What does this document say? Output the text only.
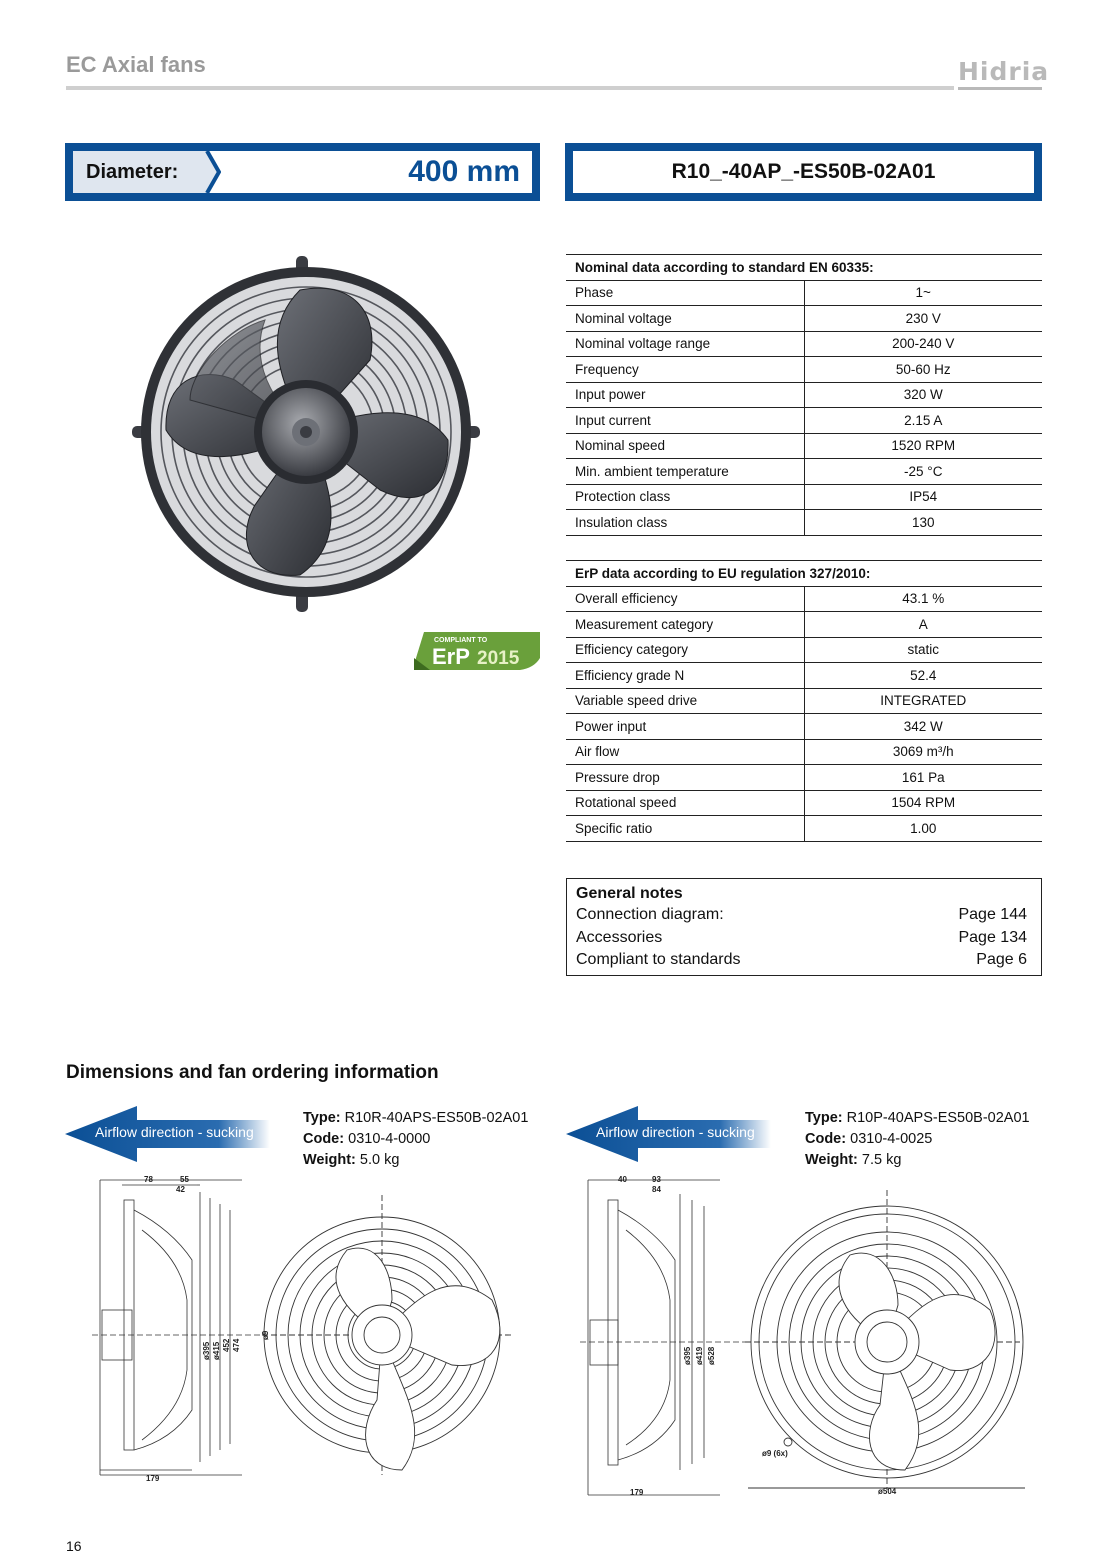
EC Axial fans	Hidria
Diameter:	400 mm	R10_-40AP_-ES50B-02A01
COMPLIANT TO
ErP 2015
Nominal data according to standard EN 60335:	
Phase	1~
Nominal voltage	230 V
Nominal voltage range	200-240 V
Frequency	50-60 Hz
Input power	320 W
Input current	2.15 A
Nominal speed	1520 RPM
Min. ambient temperature	-25 °C
Protection class	IP54
Insulation class	130
ErP data according to EU regulation 327/2010:	
Overall efficiency	43.1 %
Measurement category	A
Efficiency category	static
Efficiency grade N	52.4
Variable speed drive	INTEGRATED
Power input	342 W
Air flow	3069 m³/h
Pressure drop	161 Pa
Rotational speed	1504 RPM
Specific ratio	1.00
General notes
Connection diagram:	Page 144
Accessories	Page 134
Compliant to standards	Page 6
Dimensions and fan ordering information
Airflow direction - sucking
Type: R10R-40APS-ES50B-02A01
Code: 0310-4-0000
Weight: 5.0 kg
78	55
42
179
ø395 ø415 452 474
ø9
Airflow direction - sucking
Type: R10P-40APS-ES50B-02A01
Code: 0310-4-0025
Weight: 7.5 kg
40	93
84
179
ø395 ø419 ø528
ø9 (6x)
ø504
16
